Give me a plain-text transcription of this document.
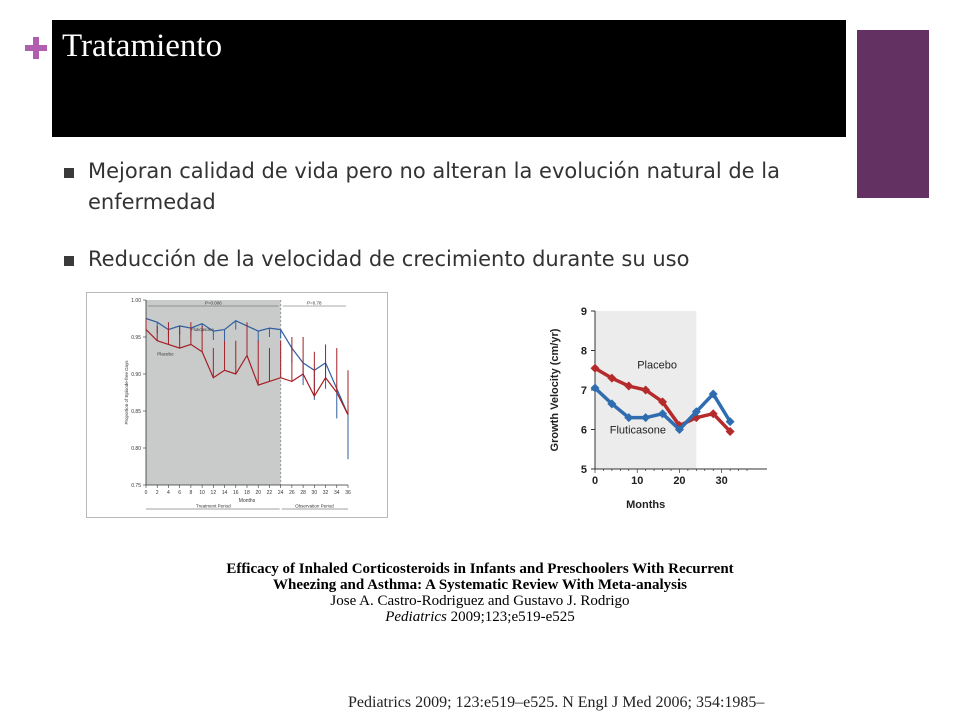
Tratamiento
Mejoran calidad de vida pero no alteran la evolución natural de la enfermedad
Reducción de la velocidad de crecimiento durante su uso
0.75
0.80
0.85
0.90
0.95
1.00
0 2 4 6 8 10 12 14 16 18 20 22 24 26 28 30 32 34 36
Months
Proportion of Episode-free Days
P=0.006	P=0.78
Treatment Period	Observation Period
Fluticasone
Placebo
5
6
7
8
9
0	10	20	30
Months
Growth Velocity (cm/yr)	Placebo
Fluticasone
Efficacy of Inhaled Corticosteroids in Infants and Preschoolers With Recurrent
Wheezing and Asthma: A Systematic Review With Meta-analysis
Jose A. Castro-Rodriguez and Gustavo J. Rodrigo
Pediatrics 2009;123;e519-e525
Pediatrics 2009; 123:e519–e525. N Engl J Med 2006; 354:1985–
